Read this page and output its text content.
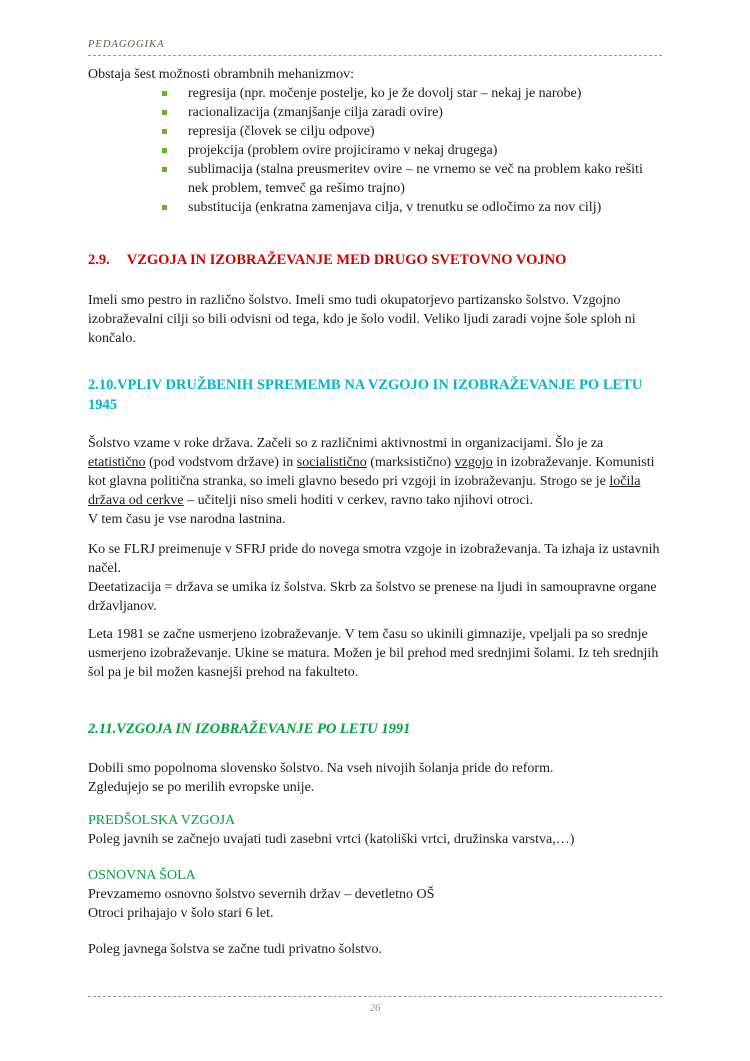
PEDAGOGIKA

Obstaja šest možnosti obrambnih mehanizmov:

regresija (npr. močenje postelje, ko je že dovolj star – nekaj je narobe)
racionalizacija (zmanjšanje cilja zaradi ovire)
represija (človek se cilju odpove)
projekcija (problem ovire projiciramo v nekaj drugega)
sublimacija (stalna preusmeritev ovire – ne vrnemo se več na problem kako rešiti nek problem, temveč ga rešimo trajno)
substitucija (enkratna zamenjava cilja, v trenutku se odločimo za nov cilj)
2.9. VZGOJA IN IZOBRAŽEVANJE MED DRUGO SVETOVNO VOJNO

Imeli smo pestro in različno šolstvo. Imeli smo tudi okupatorjevo partizansko šolstvo. Vzgojno izobraževalni cilji so bili odvisni od tega, kdo je šolo vodil. Veliko ljudi zaradi vojne šole sploh ni končalo.

2.10.VPLIV DRUŽBENIH SPREMEMB NA VZGOJO IN IZOBRAŽEVANJE PO LETU 1945

Šolstvo vzame v roke država. Začeli so z različnimi aktivnostmi in organizacijami. Šlo je za etatistično (pod vodstvom države) in socialistično (marksistično) vzgojo in izobraževanje. Komunisti kot glavna politična stranka, so imeli glavno besedo pri vzgoji in izobraževanju. Strogo se je ločila država od cerkve – učitelji niso smeli hoditi v cerkev, ravno tako njihovi otroci.
V tem času je vse narodna lastnina.

Ko se FLRJ preimenuje v SFRJ pride do novega smotra vzgoje in izobraževanja. Ta izhaja iz ustavnih načel.
Deetatizacija = država se umika iz šolstva. Skrb za šolstvo se prenese na ljudi in samoupravne organe državljanov.

Leta 1981 se začne usmerjeno izobraževanje. V tem času so ukinili gimnazije, vpeljali pa so srednje usmerjeno izobraževanje. Ukine se matura. Možen je bil prehod med srednjimi šolami. Iz teh srednjih šol pa je bil možen kasnejši prehod na fakulteto.

2.11.VZGOJA IN IZOBRAŽEVANJE PO LETU 1991

Dobili smo popolnoma slovensko šolstvo. Na vseh nivojih šolanja pride do reform.
Zgledujejo se po merilih evropske unije.

PREDŠOLSKA VZGOJA

Poleg javnih se začnejo uvajati tudi zasebni vrtci (katoliški vrtci, družinska varstva,…)

OSNOVNA ŠOLA

Prevzamemo osnovno šolstvo severnih držav – devetletno OŠ
Otroci prihajajo v šolo stari 6 let.

Poleg javnega šolstva se začne tudi privatno šolstvo.

26
